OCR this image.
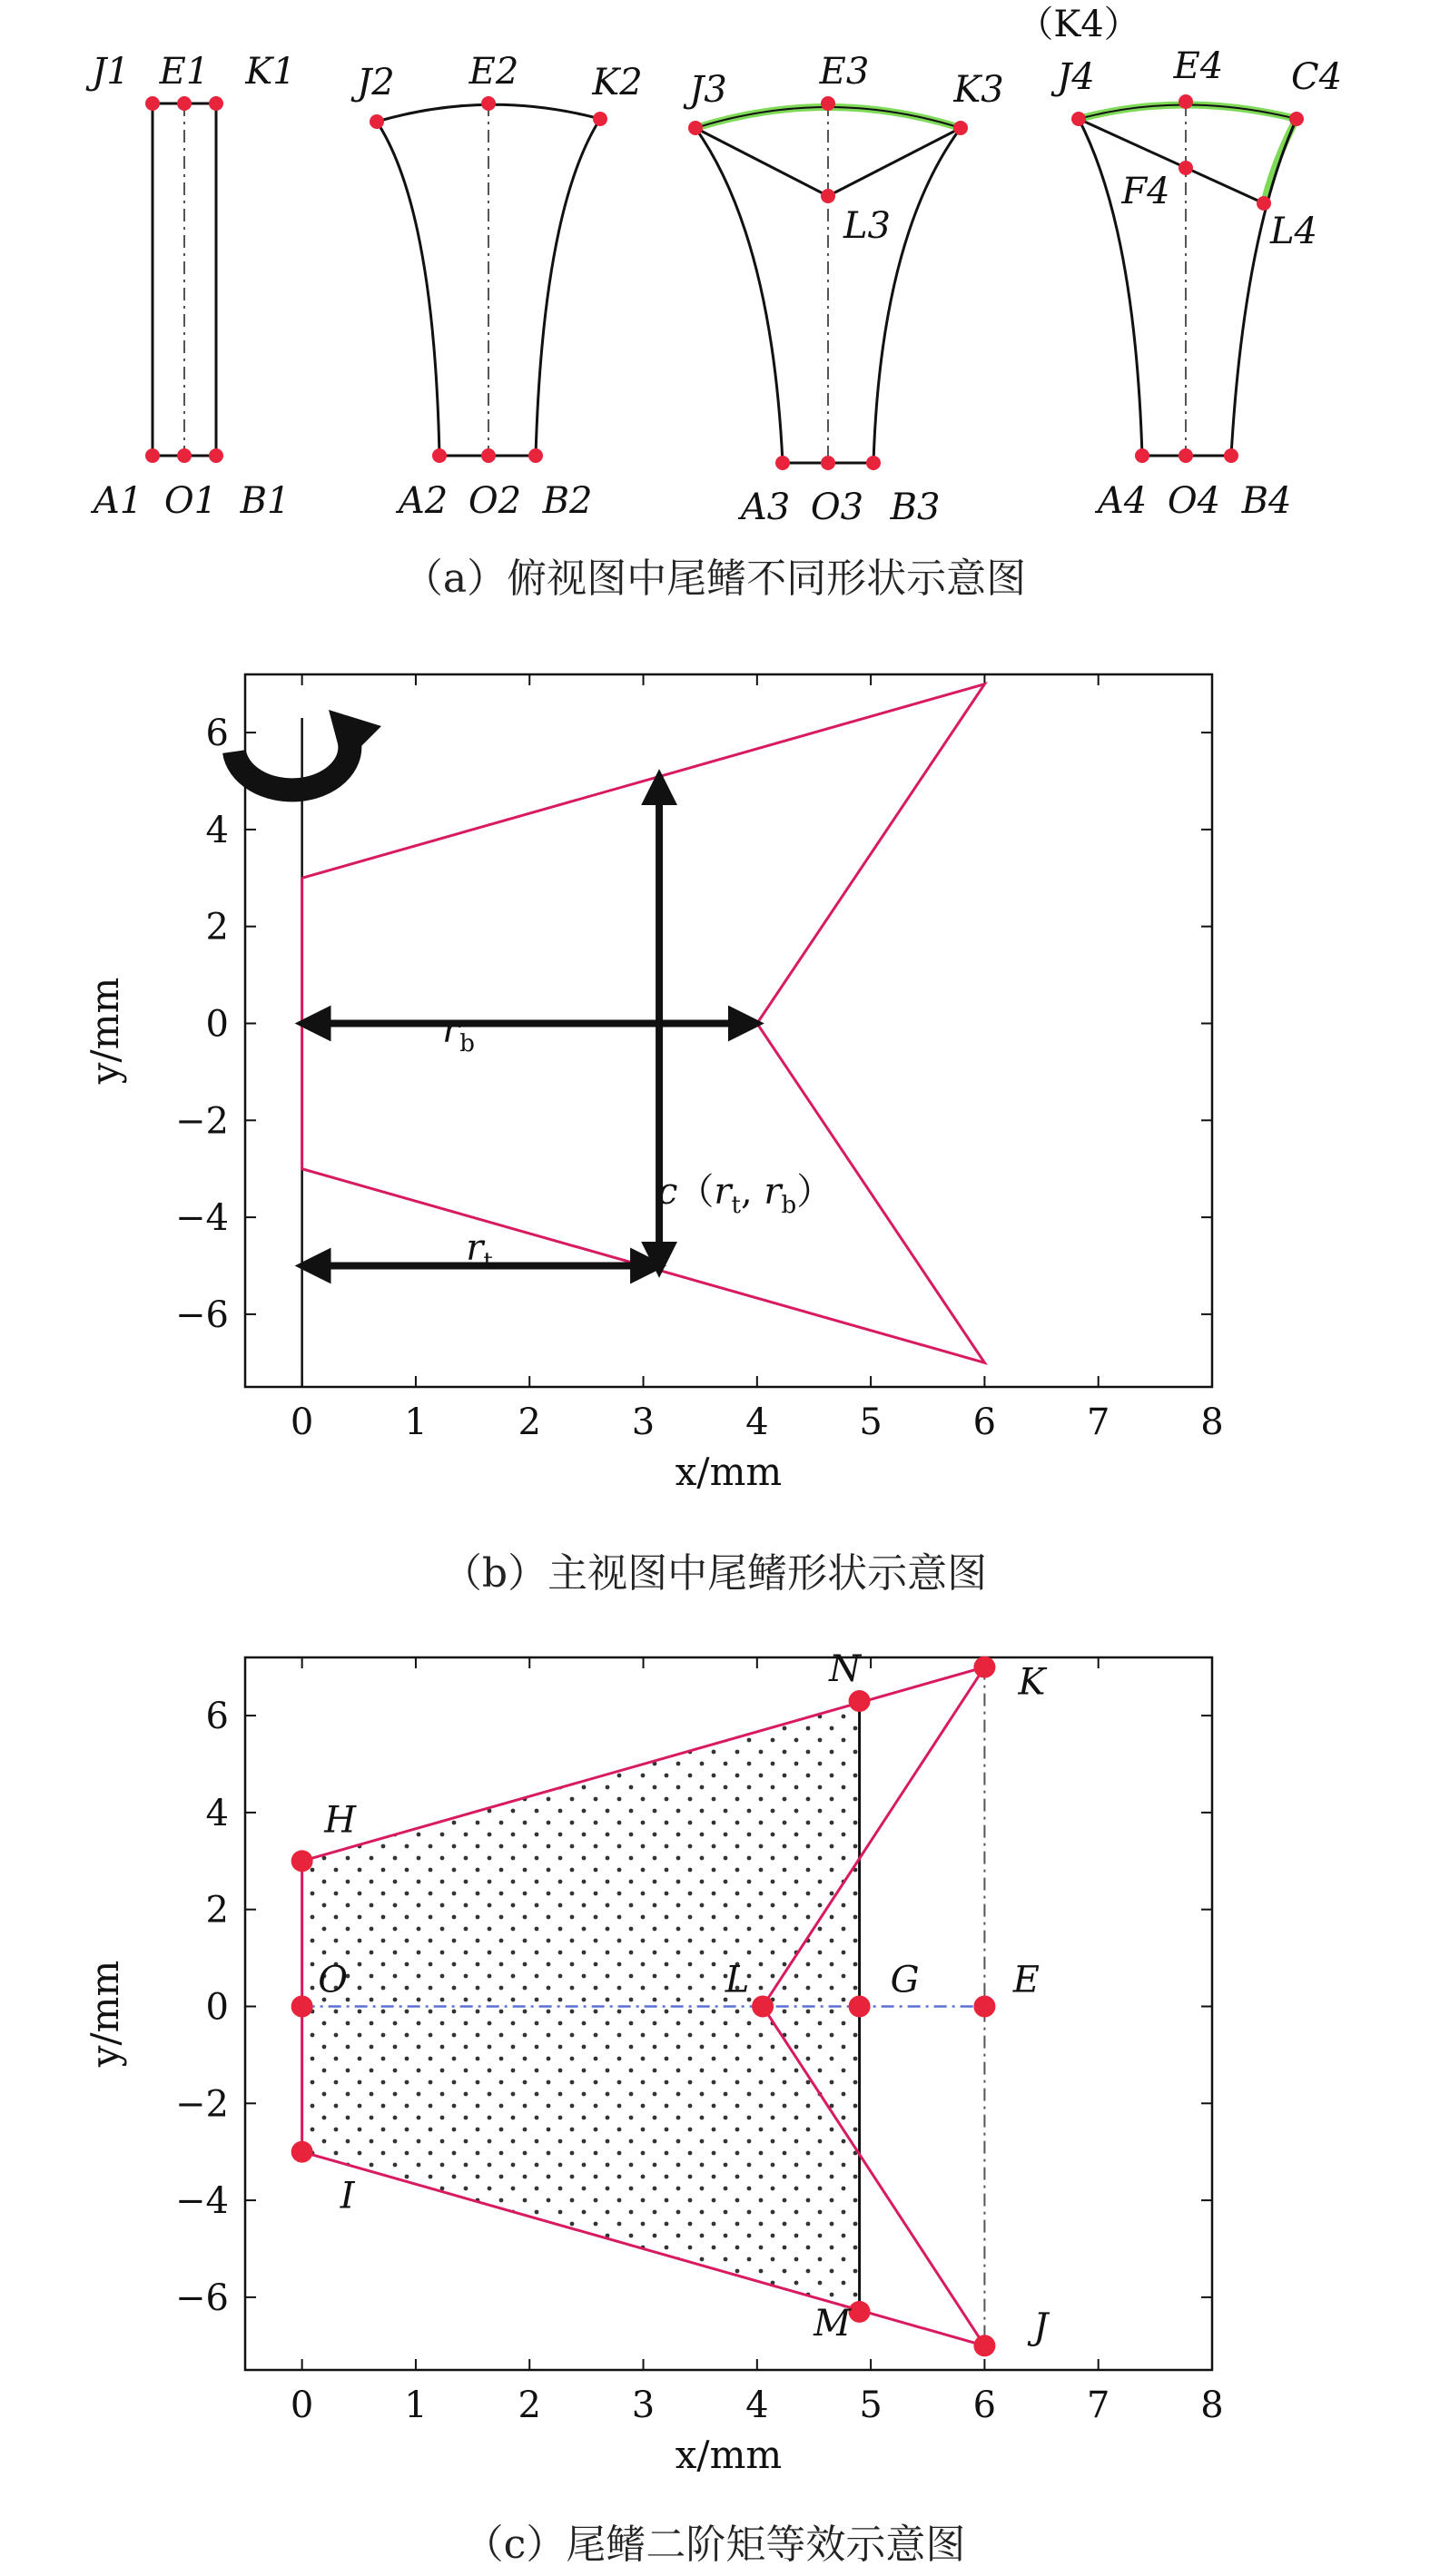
（K4）
J1 E1 K1
A1 O1 B1
J2 E2 K2
A2 O2 B2
J3	E3 K3
L3
A3 O3 B3
J4 E4 C4
F4
L4
A4 O4 B4
（a）俯视图中尾鳍不同形状示意图
0 1 2 3 4 5 6 7 8
6
4
2
0
−2
−4
−6
$r_b$
$r_t$
$c(r_t$, $r_b$）
x/mm
y/mm
（b）主视图中尾鳍形状示意图
0 1 2 3 4 5 6 7 8
6
4
2
0
−2
−4
−6
H
O
I
N	K
L	G	E
M	J
x/mm
y/mm
（c）尾鳍二阶矩等效示意图
